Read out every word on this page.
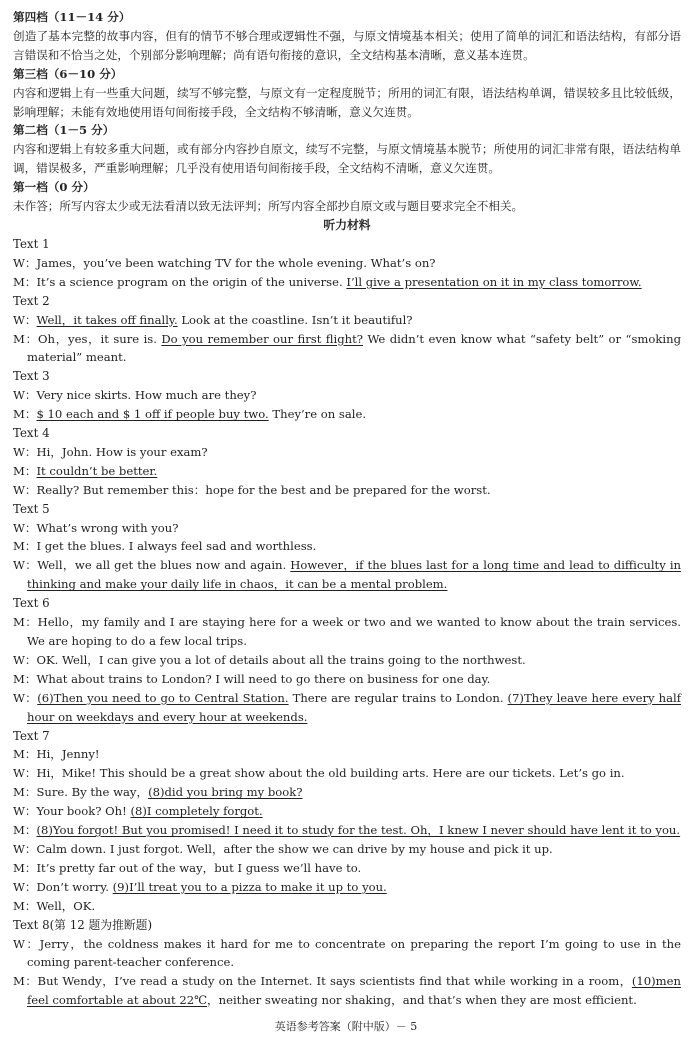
第四档（11－14 分）

创造了基本完整的故事内容，但有的情节不够合理或逻辑性不强，与原文情境基本相关；使用了简单的词汇和语法结构，有部分语言错误和不恰当之处，个别部分影响理解；尚有语句衔接的意识，全文结构基本清晰，意义基本连贯。

第三档（6－10 分）

内容和逻辑上有一些重大问题，续写不够完整，与原文有一定程度脱节；所用的词汇有限，语法结构单调，错误较多且比较低级，影响理解；未能有效地使用语句间衔接手段，全文结构不够清晰，意义欠连贯。

第二档（1－5 分）

内容和逻辑上有较多重大问题，或有部分内容抄自原文，续写不完整，与原文情境基本脱节；所使用的词汇非常有限，语法结构单调，错误极多，严重影响理解；几乎没有使用语句间衔接手段，全文结构不清晰，意义欠连贯。

第一档（0 分）

未作答；所写内容太少或无法看清以致无法评判；所写内容全部抄自原文或与题目要求完全不相关。

听力材料

Text 1

W：James，you’ve been watching TV for the whole evening. What’s on?

M：It’s a science program on the origin of the universe. I’ll give a presentation on it in my class tomorrow.

Text 2

W：Well，it takes off finally. Look at the coastline. Isn’t it beautiful?

M：Oh，yes，it sure is. Do you remember our first flight? We didn’t even know what “safety belt” or “smoking material” meant.

Text 3

W：Very nice skirts. How much are they?

M：$ 10 each and $ 1 off if people buy two. They’re on sale.

Text 4

W：Hi，John. How is your exam?

M：It couldn’t be better.

W：Really? But remember this：hope for the best and be prepared for the worst.

Text 5

W：What’s wrong with you?

M：I get the blues. I always feel sad and worthless.

W：Well，we all get the blues now and again. However，if the blues last for a long time and lead to difficulty in thinking and make your daily life in chaos，it can be a mental problem.

Text 6

M：Hello，my family and I are staying here for a week or two and we wanted to know about the train services. We are hoping to do a few local trips.

W：OK. Well，I can give you a lot of details about all the trains going to the northwest.

M：What about trains to London? I will need to go there on business for one day.

W：(6)Then you need to go to Central Station. There are regular trains to London. (7)They leave here every half hour on weekdays and every hour at weekends.

Text 7

M：Hi，Jenny!

W：Hi，Mike! This should be a great show about the old building arts. Here are our tickets. Let’s go in.

M：Sure. By the way，(8)did you bring my book?

W：Your book? Oh! (8)I completely forgot.

M：(8)You forgot! But you promised! I need it to study for the test. Oh，I knew I never should have lent it to you.

W：Calm down. I just forgot. Well，after the show we can drive by my house and pick it up.

M：It’s pretty far out of the way，but I guess we’ll have to.

W：Don’t worry. (9)I’ll treat you to a pizza to make it up to you.

M：Well，OK.

Text 8(第 12 题为推断题)

W：Jerry，the coldness makes it hard for me to concentrate on preparing the report I’m going to use in the coming parent-teacher conference.

M：But Wendy，I’ve read a study on the Internet. It says scientists find that while working in a room，(10)men feel comfortable at about 22℃，neither sweating nor shaking，and that’s when they are most efficient.

英语参考答案（附中版）－ 5
